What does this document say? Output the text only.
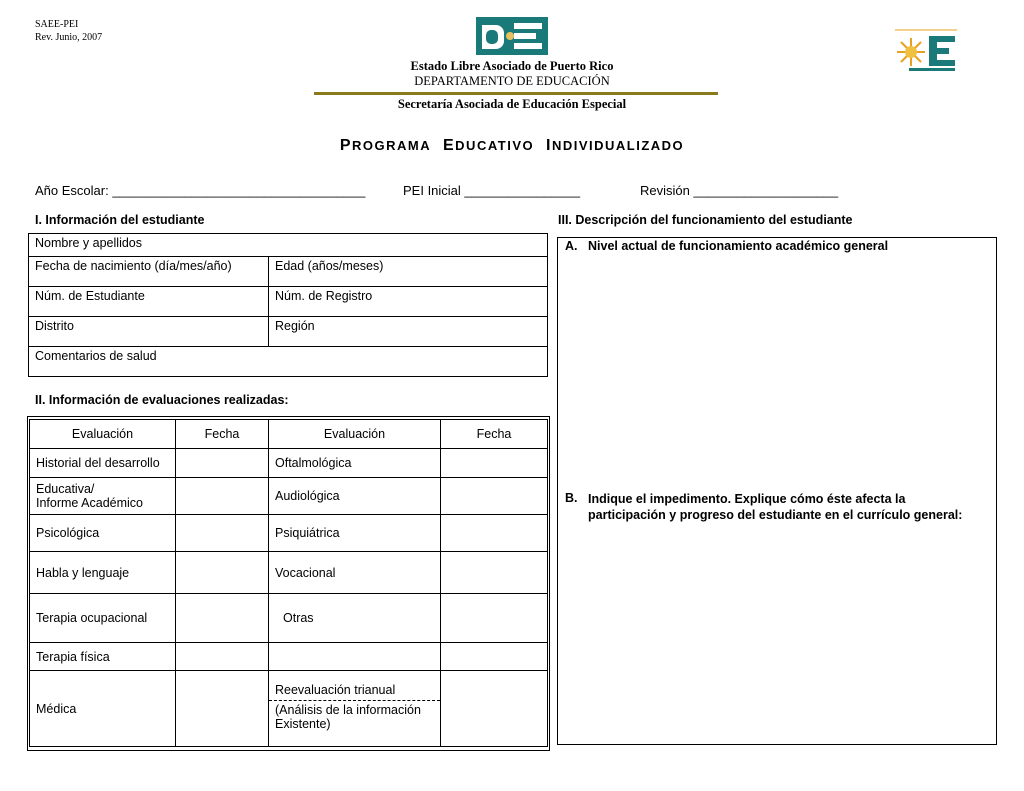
SAEE-PEI
Rev. Junio, 2007
Estado Libre Asociado de Puerto Rico
DEPARTAMENTO DE EDUCACIÓN
Secretaría Asociada de Educación Especial
PROGRAMA EDUCATIVO INDIVIDUALIZADO
Año Escolar: ___________________________________	PEI Inicial ________________	Revisión ____________________
I. Información del estudiante
Nombre y apellidos	
Fecha de nacimiento (día/mes/año)	Edad (años/meses)
Núm. de Estudiante	Núm. de Registro
Distrito	Región
Comentarios de salud	
II. Información de evaluaciones realizadas:
Evaluación	Fecha	Evaluación	Fecha
Historial del desarrollo		Oftalmológica	

Educativa/
Informe Académico		Audiológica	
Psicológica		Psiquiátrica	
Habla y lenguaje		Vocacional	
Terapia ocupacional		Otras	
Terapia física			
Médica		Reevaluación trianual
(Análisis de la información Existente)	

III. Descripción del funcionamiento del estudiante
A. Nivel actual de funcionamiento académico general
B. Indique el impedimento. Explique cómo éste afecta la
participación y progreso del estudiante en el currículo general:
